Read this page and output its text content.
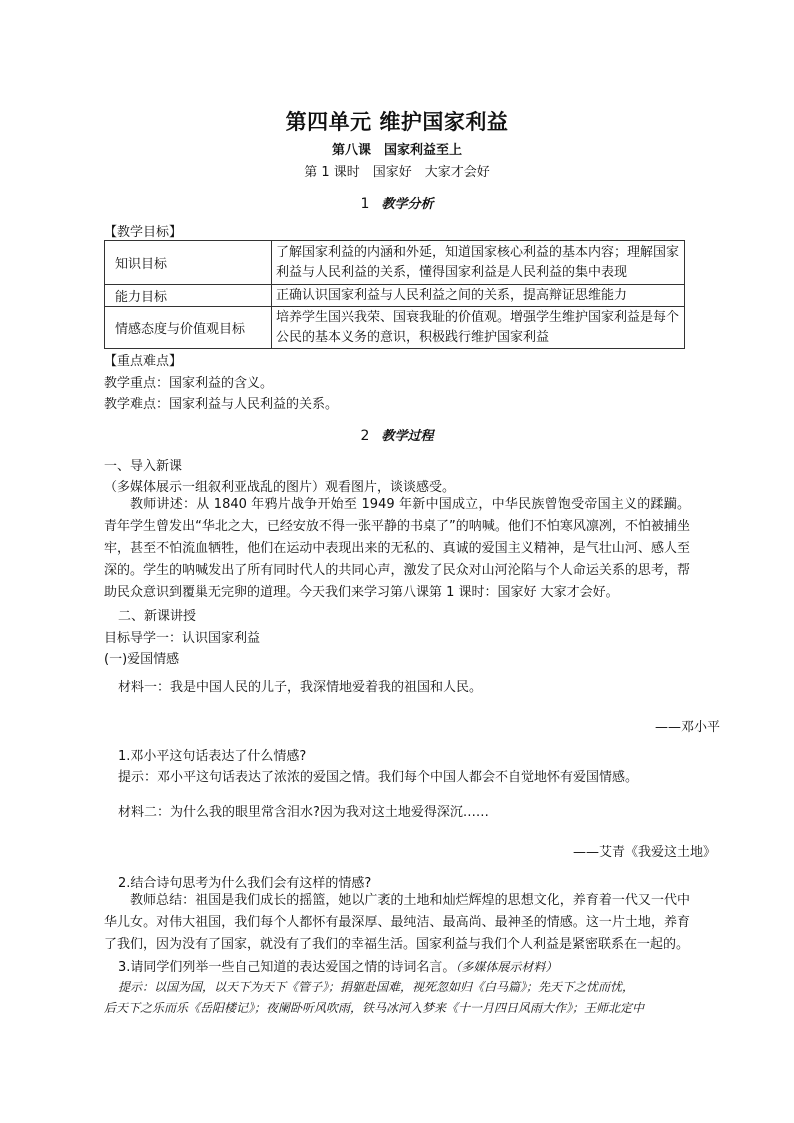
第四单元 维护国家利益
第八课　国家利益至上
第 1 课时　国家好　大家才会好
1 教学分析
【教学目标】
知识目标	了解国家利益的内涵和外延，知道国家核心利益的基本内容；理解国家利益与人民利益的关系，懂得国家利益是人民利益的集中表现
能力目标	正确认识国家利益与人民利益之间的关系，提高辩证思维能力
情感态度与价值观目标	培养学生国兴我荣、国衰我耻的价值观。增强学生维护国家利益是每个公民的基本义务的意识，积极践行维护国家利益
【重点难点】
教学重点：国家利益的含义。
教学难点：国家利益与人民利益的关系。
2 教学过程
一、导入新课
（多媒体展示一组叙利亚战乱的图片）观看图片，谈谈感受。
教师讲述：从 1840 年鸦片战争开始至 1949 年新中国成立，中华民族曾饱受帝国主义的蹂躏。青年学生曾发出“华北之大，已经安放不得一张平静的书桌了”的呐喊。他们不怕寒风凛冽，不怕被捕坐牢，甚至不怕流血牺牲，他们在运动中表现出来的无私的、真诚的爱国主义精神，是气壮山河、感人至深的。学生的呐喊发出了所有同时代人的共同心声，激发了民众对山河沦陷与个人命运关系的思考，帮助民众意识到覆巢无完卵的道理。今天我们来学习第八课第 1 课时：国家好 大家才会好。
二、新课讲授
目标导学一：认识国家利益
(一)爱国情感
材料一：我是中国人民的儿子，我深情地爱着我的祖国和人民。
——邓小平
1.邓小平这句话表达了什么情感?
提示：邓小平这句话表达了浓浓的爱国之情。我们每个中国人都会不自觉地怀有爱国情感。
材料二：为什么我的眼里常含泪水?因为我对这土地爱得深沉……
——艾青《我爱这土地》
2.结合诗句思考为什么我们会有这样的情感?
教师总结：祖国是我们成长的摇篮，她以广袤的土地和灿烂辉煌的思想文化，养育着一代又一代中华儿女。对伟大祖国，我们每个人都怀有最深厚、最纯洁、最高尚、最神圣的情感。这一片土地，养育了我们，因为没有了国家，就没有了我们的幸福生活。国家利益与我们个人利益是紧密联系在一起的。
3.请同学们列举一些自己知道的表达爱国之情的诗词名言。（多媒体展示材料）
提示：以国为国，以天下为天下《管子》；捐躯赴国难，视死忽如归《白马篇》；先天下之忧而忧，
后天下之乐而乐《岳阳楼记》；夜阑卧听风吹雨，铁马冰河入梦来《十一月四日风雨大作》；王师北定中
